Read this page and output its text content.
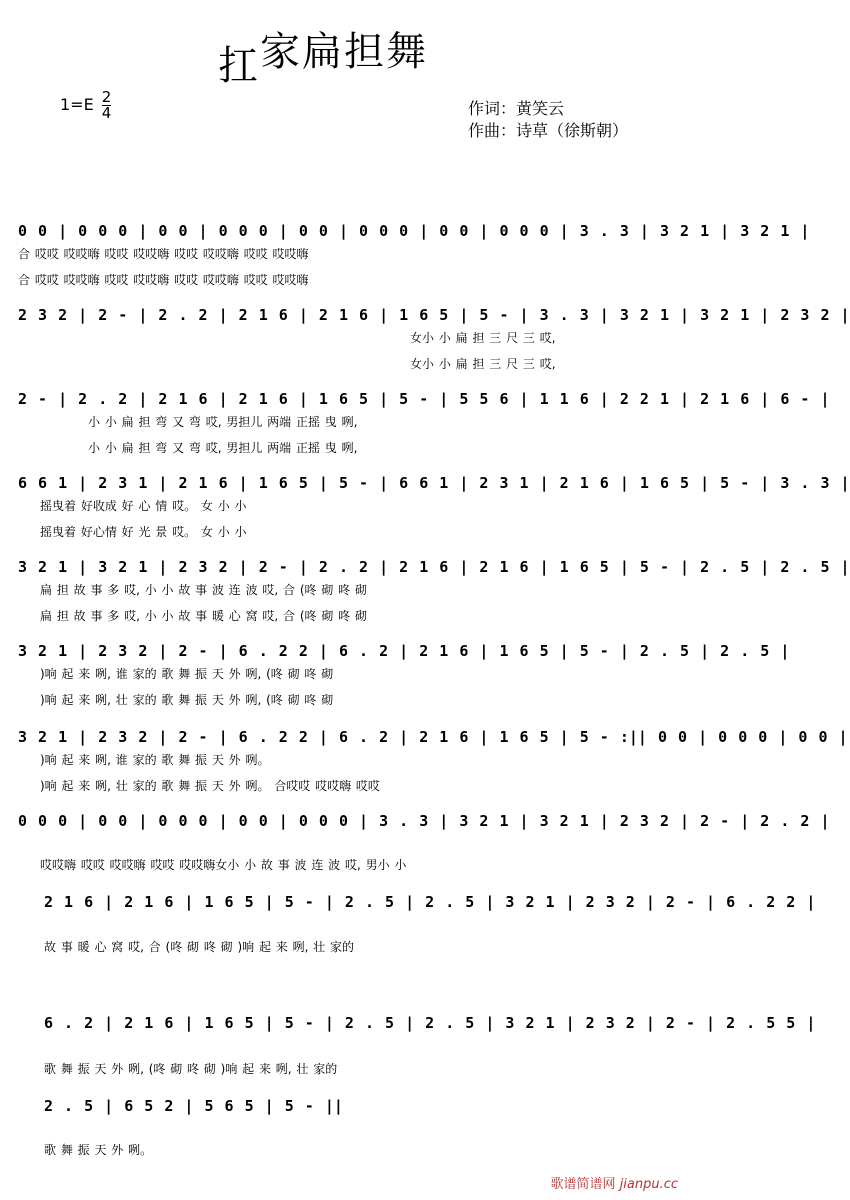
扛家扁担舞
$1=E \frac{2}{4}$	作词：黄笑云
作曲：诗草（徐斯朝）
0 0 | 0 0 0 | 0 0 | 0 0 0 | 0 0 | 0 0 0 | 0 0 | 0 0 0 | 3 . 3 | 3 2 1 | 3 2 1 |
合 哎哎 哎哎嗨 哎哎 哎哎嗨 哎哎 哎哎嗨 哎哎 哎哎嗨
合 哎哎 哎哎嗨 哎哎 哎哎嗨 哎哎 哎哎嗨 哎哎 哎哎嗨
2 3 2 | 2 - | 2 . 2 | 2 1 6 | 2 1 6 | 1 6 5 | 5 - | 3 . 3 | 3 2 1 | 3 2 1 | 2 3 2 |
女小 小 扁 担 三 尺 三 哎,
女小 小 扁 担 三 尺 三 哎,
2 - | 2 . 2 | 2 1 6 | 2 1 6 | 1 6 5 | 5 - | 5 5 6 | 1 1 6 | 2 2 1 | 2 1 6 | 6 - |
小 小 扁 担 弯 又 弯 哎, 男担儿 两端 正摇 曳 咧,
小 小 扁 担 弯 又 弯 哎, 男担儿 两端 正摇 曳 咧,
6 6 1 | 2 3 1 | 2 1 6 | 1 6 5 | 5 - | 6 6 1 | 2 3 1 | 2 1 6 | 1 6 5 | 5 - | 3 . 3 |
摇曳着 好收成 好 心 情 哎。 女 小 小
摇曳着 好心情 好 光 景 哎。 女 小 小
3 2 1 | 3 2 1 | 2 3 2 | 2 - | 2 . 2 | 2 1 6 | 2 1 6 | 1 6 5 | 5 - | 2 . 5 | 2 . 5 |
扁 担 故 事 多 哎, 小 小 故 事 波 连 波 哎, 合 (咚 砌 咚 砌
扁 担 故 事 多 哎, 小 小 故 事 暖 心 窝 哎, 合 (咚 砌 咚 砌
3 2 1 | 2 3 2 | 2 - | 6 . 2 2 | 6 . 2 | 2 1 6 | 1 6 5 | 5 - | 2 . 5 | 2 . 5 |
)响 起 来 咧, 谁 家的 歌 舞 振 天 外 咧, (咚 砌 咚 砌
)响 起 来 咧, 壮 家的 歌 舞 振 天 外 咧, (咚 砌 咚 砌
3 2 1 | 2 3 2 | 2 - | 6 . 2 2 | 6 . 2 | 2 1 6 | 1 6 5 | 5 - :|| 0 0 | 0 0 0 | 0 0 |
)响 起 来 咧, 谁 家的 歌 舞 振 天 外 咧。
)响 起 来 咧, 壮 家的 歌 舞 振 天 外 咧。 合哎哎 哎哎嗨 哎哎
0 0 0 | 0 0 | 0 0 0 | 0 0 | 0 0 0 | 3 . 3 | 3 2 1 | 3 2 1 | 2 3 2 | 2 - | 2 . 2 |
哎哎嗨 哎哎 哎哎嗨 哎哎 哎哎嗨女小 小 故 事 波 连 波 哎, 男小 小
2 1 6 | 2 1 6 | 1 6 5 | 5 - | 2 . 5 | 2 . 5 | 3 2 1 | 2 3 2 | 2 - | 6 . 2 2 |
故 事 暖 心 窝 哎, 合 (咚 砌 咚 砌 )响 起 来 咧, 壮 家的
6 . 2 | 2 1 6 | 1 6 5 | 5 - | 2 . 5 | 2 . 5 | 3 2 1 | 2 3 2 | 2 - | 2 . 5 5 |
歌 舞 振 天 外 咧, (咚 砌 咚 砌 )响 起 来 咧, 壮 家的
2 . 5 | 6 5 2 | 5 6 5 | 5 - ||
歌 舞 振 天 外 咧。
歌谱简谱网 jianpu.cc
